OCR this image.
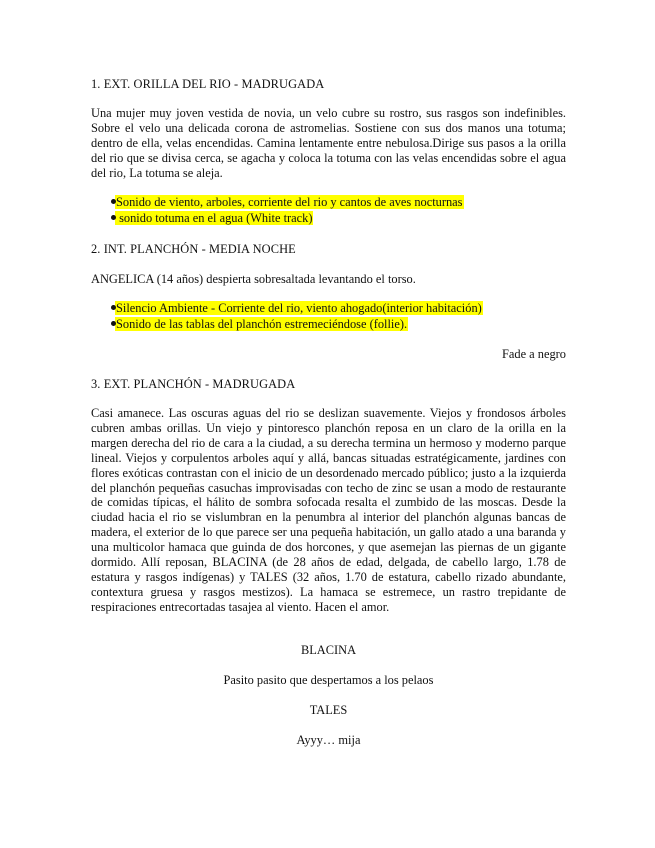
1. EXT. ORILLA DEL RIO - MADRUGADA
Una mujer muy joven vestida de novia, un velo cubre su rostro, sus rasgos son indefinibles. Sobre el velo una delicada corona de astromelias. Sostiene con sus dos manos una totuma; dentro de ella, velas encendidas. Camina lentamente entre nebulosa.Dirige sus pasos a la orilla del rio que se divisa cerca, se agacha y coloca la totuma con las velas encendidas sobre el agua del rio, La totuma se aleja.
Sonido de viento, arboles, corriente del rio y cantos de aves nocturnas
sonido totuma en el agua (White track)
2. INT. PLANCHÓN - MEDIA NOCHE
ANGELICA (14 años) despierta sobresaltada levantando el torso.
Silencio Ambiente - Corriente del rio, viento ahogado(interior habitación)
Sonido de las tablas del planchón estremeciéndose (follie).
Fade a negro
3. EXT. PLANCHÓN - MADRUGADA
Casi amanece. Las oscuras aguas del rio se deslizan suavemente. Viejos y frondosos árboles cubren ambas orillas. Un viejo y pintoresco planchón reposa en un claro de la orilla en la margen derecha del rio de cara a la ciudad, a su derecha termina un hermoso y moderno parque lineal. Viejos y corpulentos arboles aquí y allá, bancas situadas estratégicamente, jardines con flores exóticas contrastan con el inicio de un desordenado mercado público; justo a la izquierda del planchón pequeñas casuchas improvisadas con techo de zinc se usan a modo de restaurante de comidas típicas, el hálito de sombra sofocada resalta el zumbido de las moscas. Desde la ciudad hacia el rio se vislumbran en la penumbra al interior del planchón algunas bancas de madera, el exterior de lo que parece ser una pequeña habitación, un gallo atado a una baranda y una multicolor hamaca que guinda de dos horcones, y que asemejan las piernas de un gigante dormido. Allí reposan, BLACINA (de 28 años de edad, delgada, de cabello largo, 1.78 de estatura y rasgos indígenas) y TALES (32 años, 1.70 de estatura, cabello rizado abundante, contextura gruesa y rasgos mestizos). La hamaca se estremece, un rastro trepidante de respiraciones entrecortadas tasajea al viento. Hacen el amor.
BLACINA
Pasito pasito que despertamos a los pelaos
TALES
Ayyy… mija
